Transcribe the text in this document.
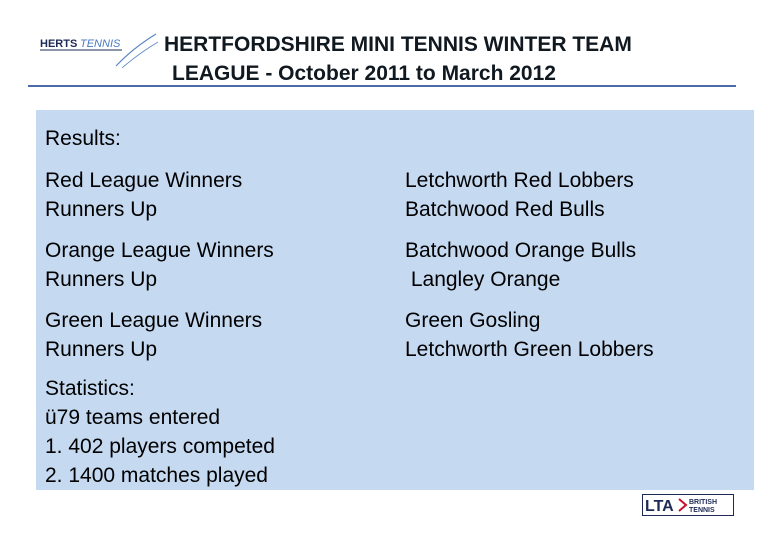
HERTS TENNIS HERTFORDSHIRE MINI TENNIS WINTER TEAM
LEAGUE - October 2011 to March 2012
Results:
Red League Winners
Runners Up
Letchworth Red Lobbers
Batchwood Red Bulls
Orange League Winners
Runners Up
Batchwood Orange Bulls
Langley Orange
Green League Winners
Runners Up
Green Gosling
Letchworth Green Lobbers
Statistics:
ü79 teams entered
1. 402 players competed
2. 1400 matches played
LTA BRITISH
TENNIS
